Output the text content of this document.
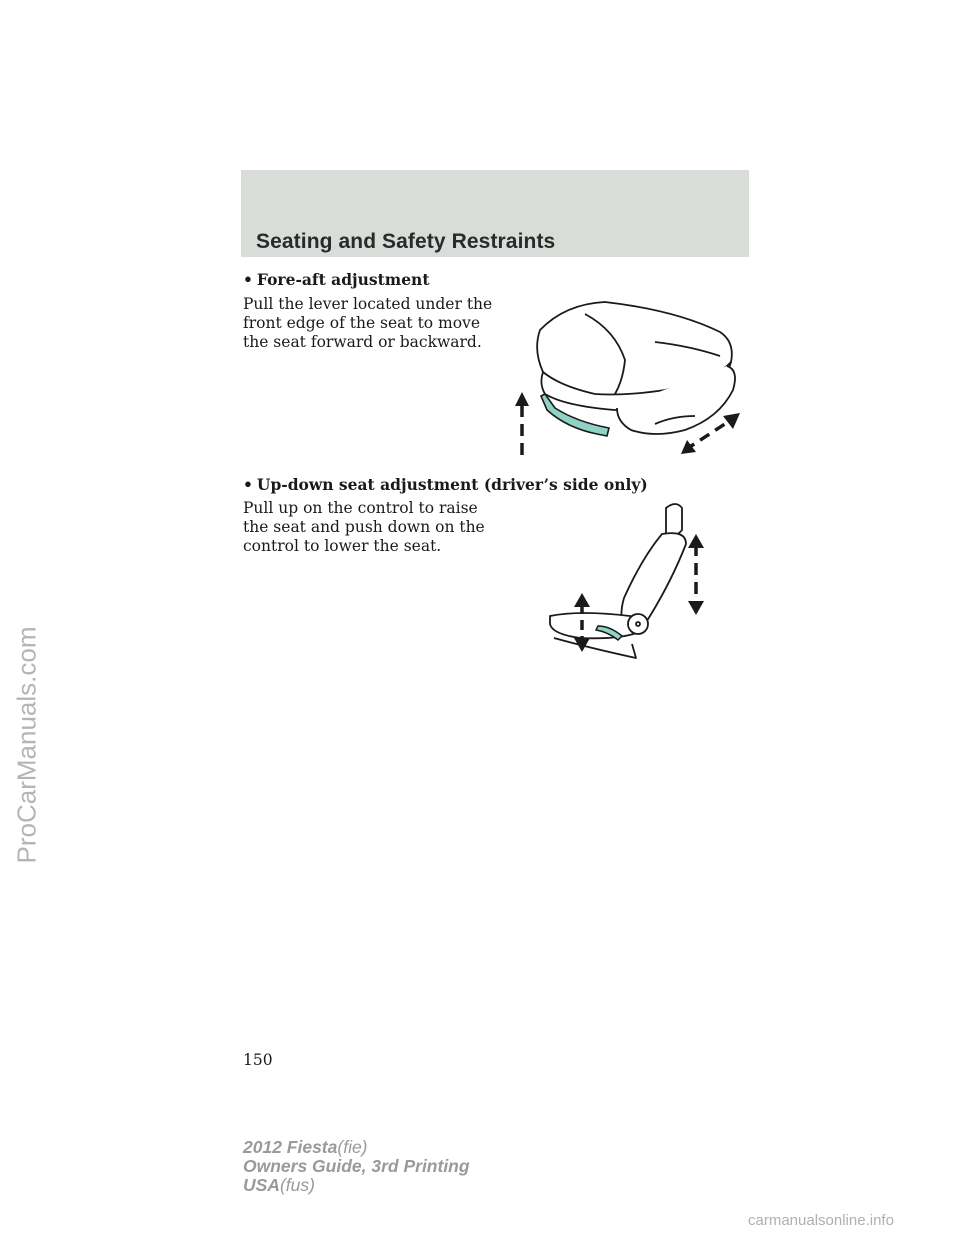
Seating and Safety Restraints
• Fore-aft adjustment
Pull the lever located under the front edge of the seat to move the seat forward or backward.
• Up-down seat adjustment (driver’s side only)
Pull up on the control to raise the seat and push down on the control to lower the seat.
150
ProCarManuals.com
2012 Fiesta(fie)
Owners Guide, 3rd Printing
USA(fus)
carmanualsonline.info
